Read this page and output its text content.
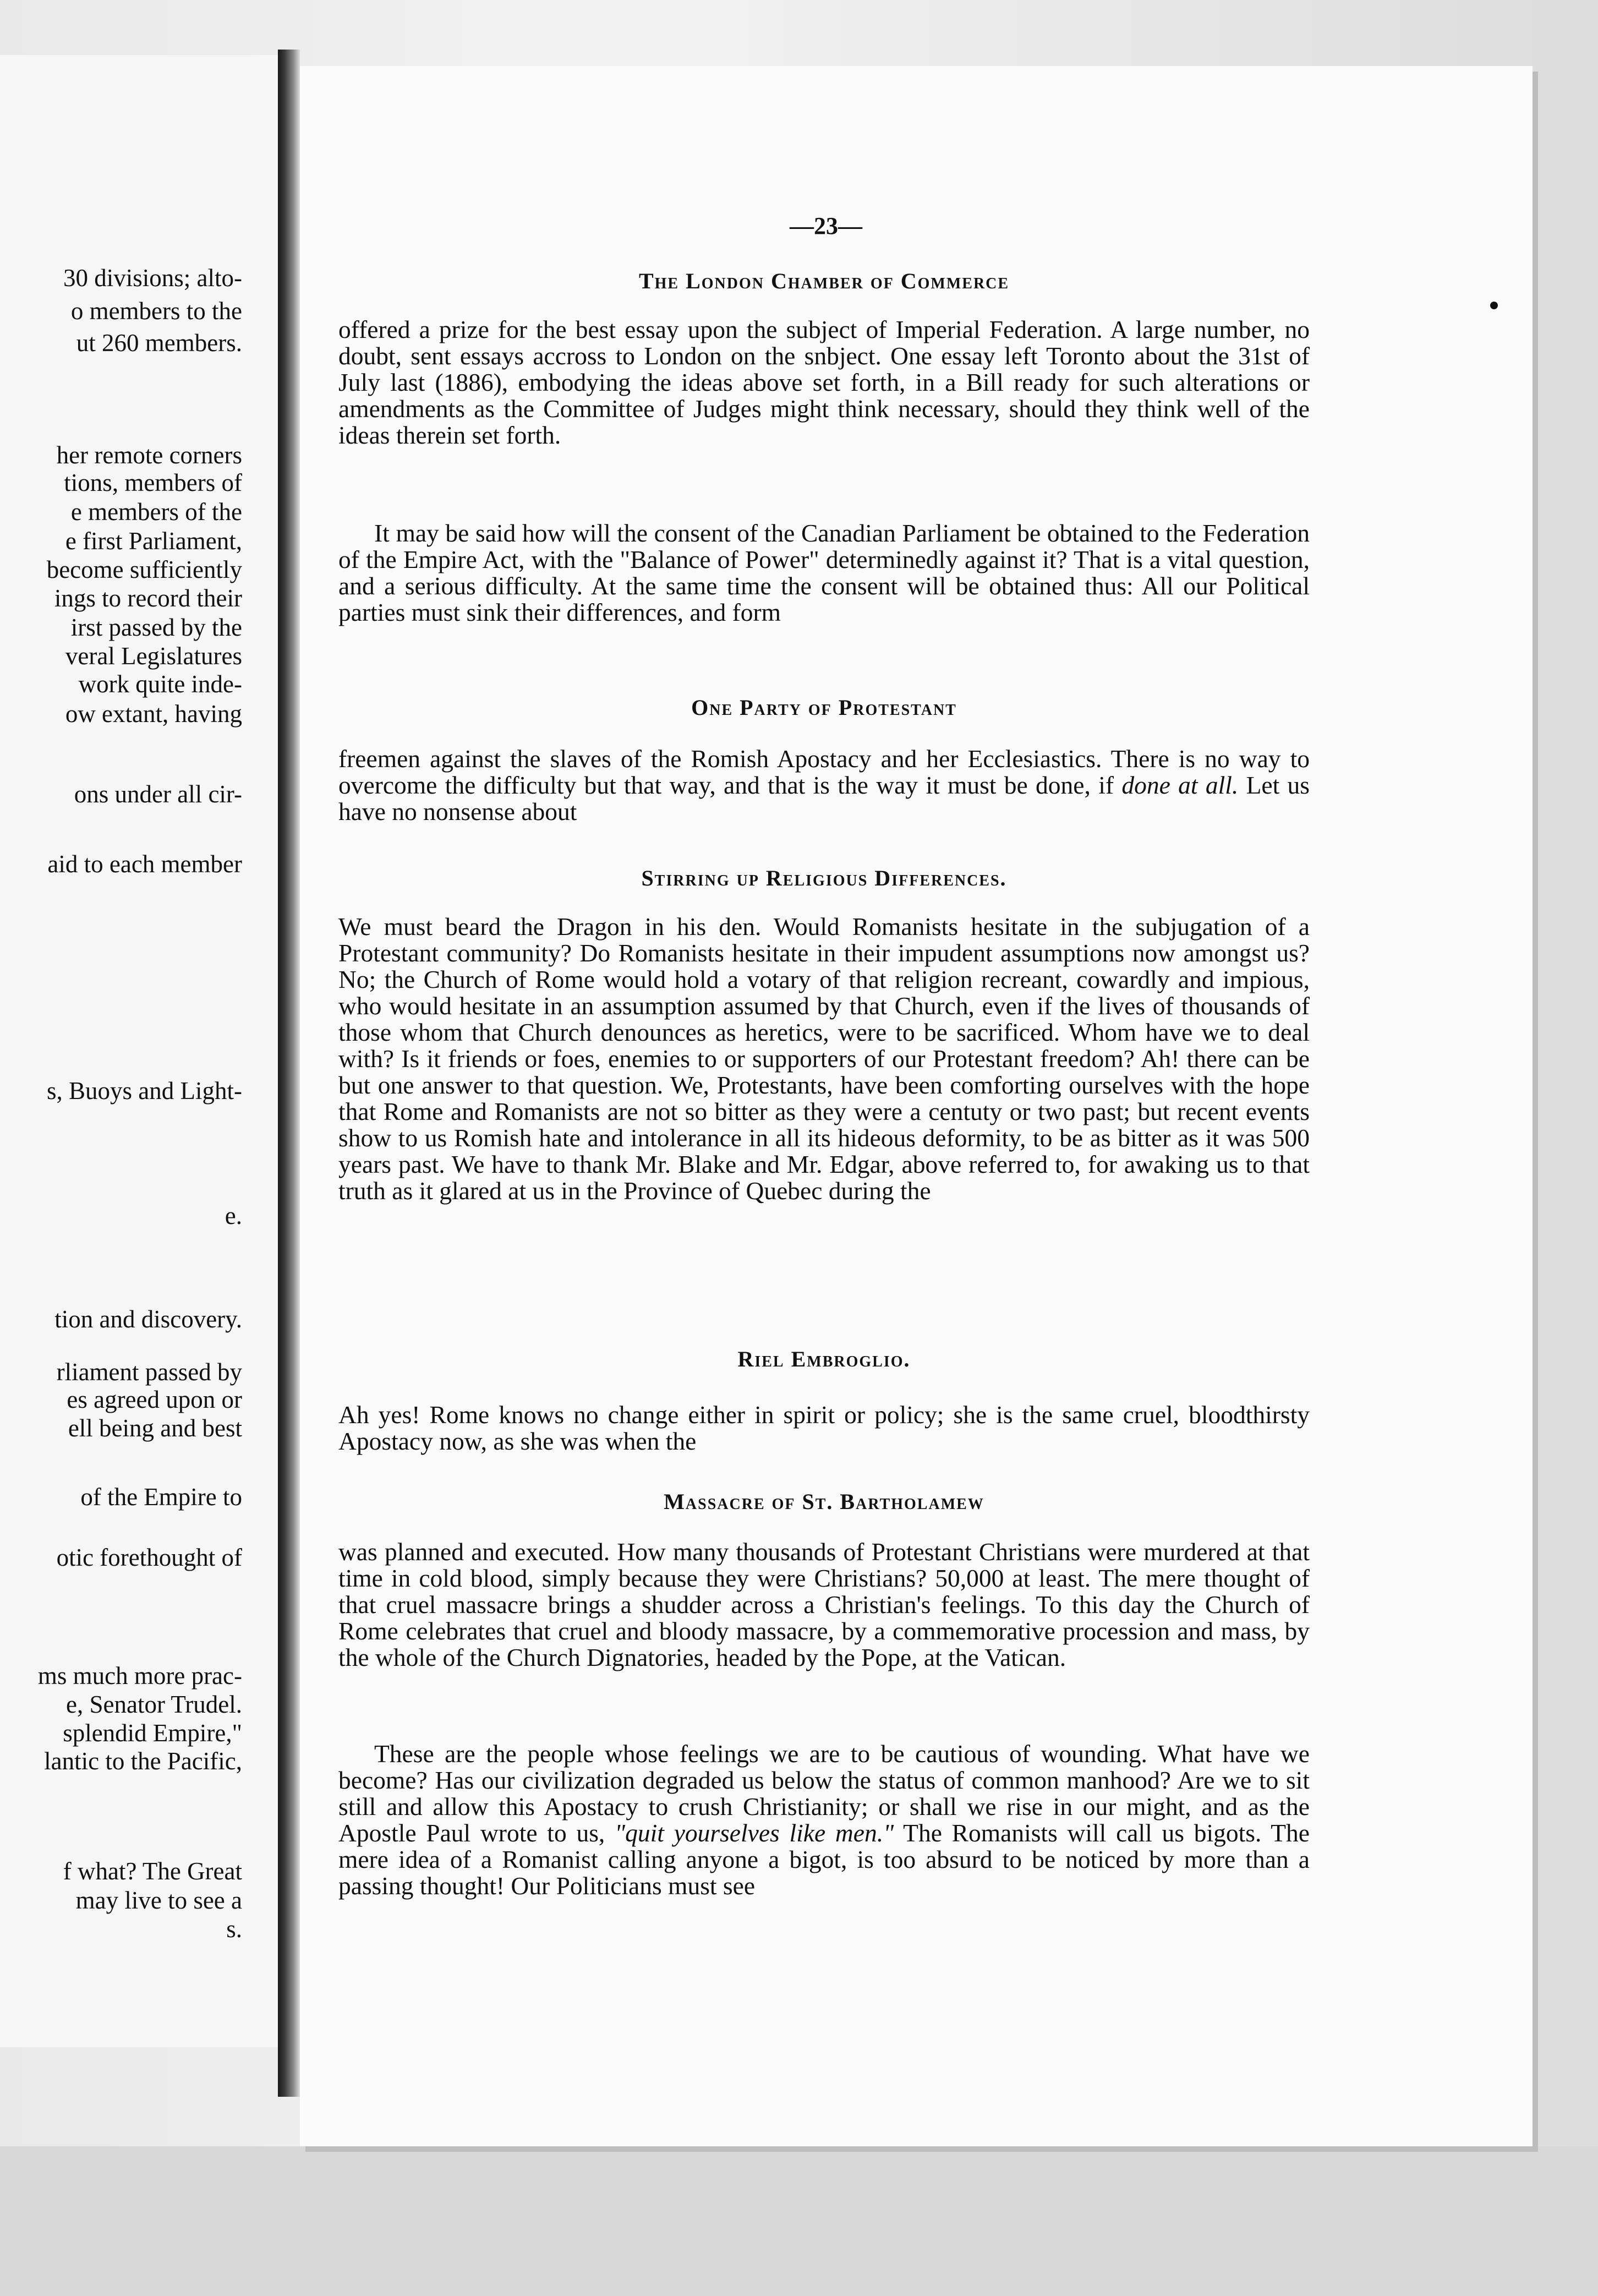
30 divisions; alto-
o members to the
ut 260 members.
her remote corners
tions, members of
e members of the
e first Parliament,
become sufficiently
ings to record their
irst passed by the
veral Legislatures
work quite inde-
ow extant, having
ons under all cir-
aid to each member
s, Buoys and Light-
e.
tion and discovery.
rliament passed by
es agreed upon or
ell being and best
of the Empire to
otic forethought of
ms much more prac-
e, Senator Trudel.
splendid Empire,"
lantic to the Pacific,
f what? The Great
may live to see a
s.
—23—
The London Chamber of Commerce
offered a prize for the best essay upon the subject of Imperial Federation. A large number, no doubt, sent essays accross to London on the snbject. One essay left Toronto about the 31st of July last (1886), embodying the ideas above set forth, in a Bill ready for such alterations or amendments as the Committee of Judges might think necessary, should they think well of the ideas therein set forth.
It may be said how will the consent of the Canadian Parliament be obtained to the Federation of the Empire Act, with the "Balance of Power" determinedly against it? That is a vital question, and a serious difficulty. At the same time the consent will be obtained thus: All our Political parties must sink their differences, and form
One Party of Protestant
freemen against the slaves of the Romish Apostacy and her Ecclesiastics. There is no way to overcome the difficulty but that way, and that is the way it must be done, if done at all. Let us have no nonsense about
Stirring up Religious Differences.
We must beard the Dragon in his den. Would Romanists hesitate in the subjugation of a Protestant community? Do Romanists hesitate in their impudent assumptions now amongst us? No; the Church of Rome would hold a votary of that religion recreant, cowardly and impious, who would hesitate in an assumption assumed by that Church, even if the lives of thousands of those whom that Church denounces as heretics, were to be sacrificed. Whom have we to deal with? Is it friends or foes, enemies to or supporters of our Protestant freedom? Ah! there can be but one answer to that question. We, Protestants, have been comforting ourselves with the hope that Rome and Romanists are not so bitter as they were a centuty or two past; but recent events show to us Romish hate and intolerance in all its hideous deformity, to be as bitter as it was 500 years past. We have to thank Mr. Blake and Mr. Edgar, above referred to, for awaking us to that truth as it glared at us in the Province of Quebec during the
Riel Embroglio.
Ah yes! Rome knows no change either in spirit or policy; she is the same cruel, bloodthirsty Apostacy now, as she was when the
Massacre of St. Bartholamew
was planned and executed. How many thousands of Protestant Christians were murdered at that time in cold blood, simply because they were Christians? 50,000 at least. The mere thought of that cruel massacre brings a shudder across a Christian's feelings. To this day the Church of Rome celebrates that cruel and bloody massacre, by a commemorative procession and mass, by the whole of the Church Dignatories, headed by the Pope, at the Vatican.
These are the people whose feelings we are to be cautious of wounding. What have we become? Has our civilization degraded us below the status of common manhood? Are we to sit still and allow this Apostacy to crush Christianity; or shall we rise in our might, and as the Apostle Paul wrote to us, "quit yourselves like men." The Romanists will call us bigots. The mere idea of a Romanist calling anyone a bigot, is too absurd to be noticed by more than a passing thought! Our Politicians must see
